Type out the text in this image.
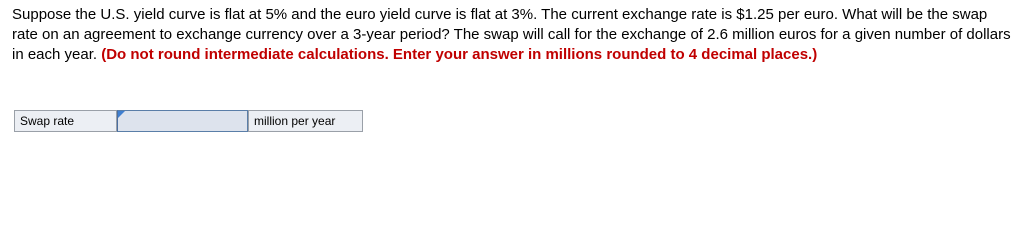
Suppose the U.S. yield curve is flat at 5% and the euro yield curve is flat at 3%. The current exchange rate is $1.25 per euro. What will be the swap rate on an agreement to exchange currency over a 3-year period? The swap will call for the exchange of 2.6 million euros for a given number of dollars in each year. (Do not round intermediate calculations. Enter your answer in millions rounded to 4 decimal places.)

Swap rate	million per year
